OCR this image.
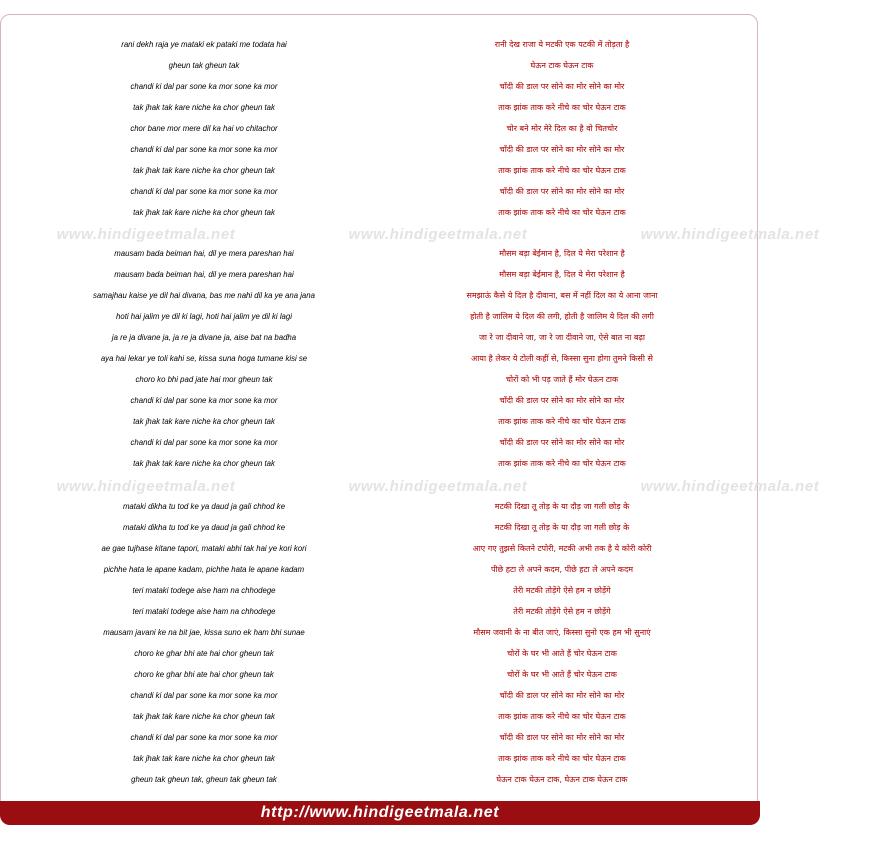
rani dekh raja ye mataki ek pataki me todata hai	रानी देख राजा ये मटकी एक पटकी में तोड़ता है
gheun tak gheun tak	घेऊन टाक घेऊन टाक
chandi ki dal par sone ka mor sone ka mor	चाँदी की डाल पर सोने का मोर सोने का मोर
tak jhak tak kare niche ka chor gheun tak	ताक झांक ताक करे नीचे का चोर घेऊन टाक
chor bane mor mere dil ka hai vo chitachor	चोर बने मोर मेरे दिल का है वो चितचोर
chandi ki dal par sone ka mor sone ka mor	चाँदी की डाल पर सोने का मोर सोने का मोर
tak jhak tak kare niche ka chor gheun tak	ताक झांक ताक करे नीचे का चोर घेऊन टाक
chandi ki dal par sone ka mor sone ka mor	चाँदी की डाल पर सोने का मोर सोने का मोर
tak jhak tak kare niche ka chor gheun tak	ताक झांक ताक करे नीचे का चोर घेऊन टाक
mausam bada beiman hai, dil ye mera pareshan hai	मौसम बड़ा बेईमान है, दिल ये मेरा परेशान है
mausam bada beiman hai, dil ye mera pareshan hai	मौसम बड़ा बेईमान है, दिल ये मेरा परेशान है
samajhau kaise ye dil hai divana, bas me nahi dil ka ye ana jana	समझाऊं कैसे ये दिल है दीवाना, बस में नहीं दिल का ये आना जाना
hoti hai jalim ye dil ki lagi, hoti hai jalim ye dil ki lagi	होती है जालिम ये दिल की लगी, होती है जालिम ये दिल की लगी
ja re ja divane ja, ja re ja divane ja, aise bat na badha	जा रे जा दीवाने जा, जा रे जा दीवाने जा, ऐसे बात ना बढ़ा
aya hai lekar ye toli kahi se, kissa suna hoga tumane kisi se	आया है लेकर ये टोली कहीं से, किस्सा सुना होगा तुमने किसी से
choro ko bhi pad jate hai mor gheun tak	चोरों को भी पड़ जाते हैं मोर घेऊन टाक
chandi ki dal par sone ka mor sone ka mor	चाँदी की डाल पर सोने का मोर सोने का मोर
tak jhak tak kare niche ka chor gheun tak	ताक झांक ताक करे नीचे का चोर घेऊन टाक
chandi ki dal par sone ka mor sone ka mor	चाँदी की डाल पर सोने का मोर सोने का मोर
tak jhak tak kare niche ka chor gheun tak	ताक झांक ताक करे नीचे का चोर घेऊन टाक
mataki dikha tu tod ke ya daud ja gali chhod ke	मटकी दिखा तू तोड़ के या दौड़ जा गली छोड़ के
mataki dikha tu tod ke ya daud ja gali chhod ke	मटकी दिखा तू तोड़ के या दौड़ जा गली छोड़ के
ae gae tujhase kitane tapori, mataki abhi tak hai ye kori kori	आए गए तुझसे कितने टपोरी, मटकी अभी तक है ये कोरी कोरी
pichhe hata le apane kadam, pichhe hata le apane kadam	पीछे हटा ले अपने कदम, पीछे हटा ले अपने कदम
teri mataki todege aise ham na chhodege	तेरी मटकी तोड़ेंगे ऐसे हम न छोड़ेंगे
teri mataki todege aise ham na chhodege	तेरी मटकी तोड़ेंगे ऐसे हम न छोड़ेंगे
mausam javani ke na bit jae, kissa suno ek ham bhi sunae	मौसम जवानी के ना बीत जाएं, किस्सा सुनो एक हम भी सुनाएं
choro ke ghar bhi ate hai chor gheun tak	चोरों के घर भी आते हैं चोर घेऊन टाक
choro ke ghar bhi ate hai chor gheun tak	चोरों के घर भी आते हैं चोर घेऊन टाक
chandi ki dal par sone ka mor sone ka mor	चाँदी की डाल पर सोने का मोर सोने का मोर
tak jhak tak kare niche ka chor gheun tak	ताक झांक ताक करे नीचे का चोर घेऊन टाक
chandi ki dal par sone ka mor sone ka mor	चाँदी की डाल पर सोने का मोर सोने का मोर
tak jhak tak kare niche ka chor gheun tak	ताक झांक ताक करे नीचे का चोर घेऊन टाक
gheun tak gheun tak, gheun tak gheun tak	घेऊन टाक घेऊन टाक, घेऊन टाक घेऊन टाक
www.hindigeetmala.net	www.hindigeetmala.net	www.hindigeetmala.net
www.hindigeetmala.net	www.hindigeetmala.net	www.hindigeetmala.net
http://www.hindigeetmala.net
